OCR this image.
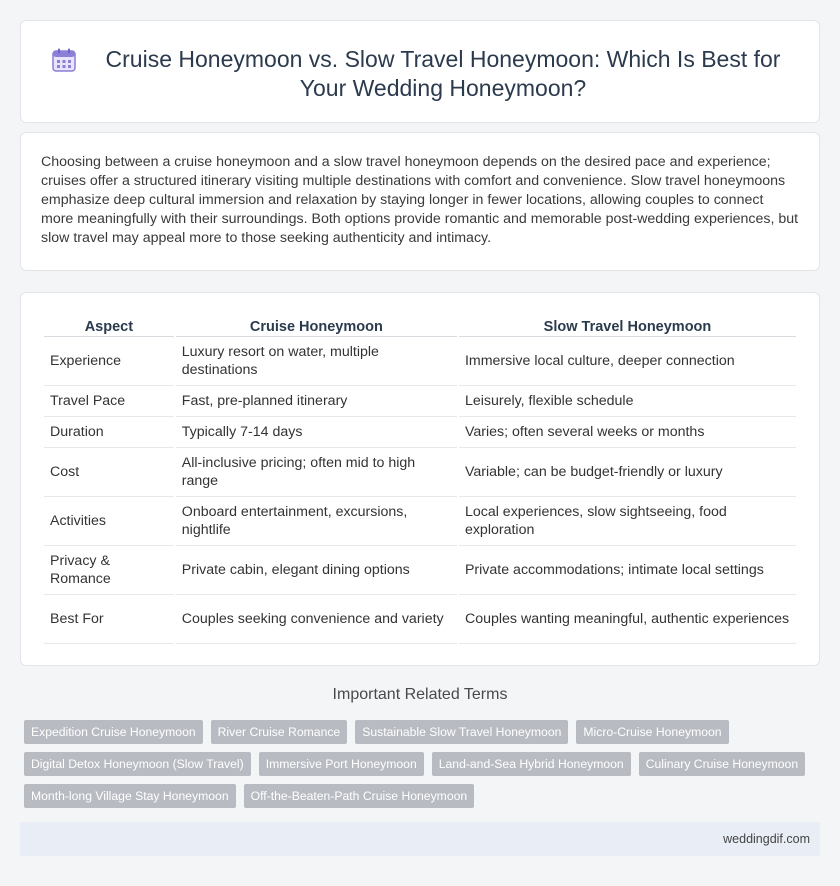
Cruise Honeymoon vs. Slow Travel Honeymoon: Which Is Best for Your Wedding Honeymoon?

Choosing between a cruise honeymoon and a slow travel honeymoon depends on the desired pace and experience; cruises offer a structured itinerary visiting multiple destinations with comfort and convenience. Slow travel honeymoons emphasize deep cultural immersion and relaxation by staying longer in fewer locations, allowing couples to connect more meaningfully with their surroundings. Both options provide romantic and memorable post-wedding experiences, but slow travel may appeal more to those seeking authenticity and intimacy.

Aspect	Cruise Honeymoon	Slow Travel Honeymoon
Experience	Luxury resort on water, multiple destinations	Immersive local culture, deeper connection
Travel Pace	Fast, pre-planned itinerary	Leisurely, flexible schedule
Duration	Typically 7-14 days	Varies; often several weeks or months
Cost	All-inclusive pricing; often mid to high range	Variable; can be budget-friendly or luxury
Activities	Onboard entertainment, excursions, nightlife	Local experiences, slow sightseeing, food exploration
Privacy & Romance	Private cabin, elegant dining options	Private accommodations; intimate local settings
Best For	Couples seeking convenience and variety	Couples wanting meaningful, authentic experiences
Important Related Terms
Expedition Cruise Honeymoon	River Cruise Romance	Sustainable Slow Travel Honeymoon	Micro-Cruise Honeymoon
Digital Detox Honeymoon (Slow Travel)	Immersive Port Honeymoon	Land-and-Sea Hybrid Honeymoon	Culinary Cruise Honeymoon
Month-long Village Stay Honeymoon	Off-the-Beaten-Path Cruise Honeymoon
weddingdif.com
